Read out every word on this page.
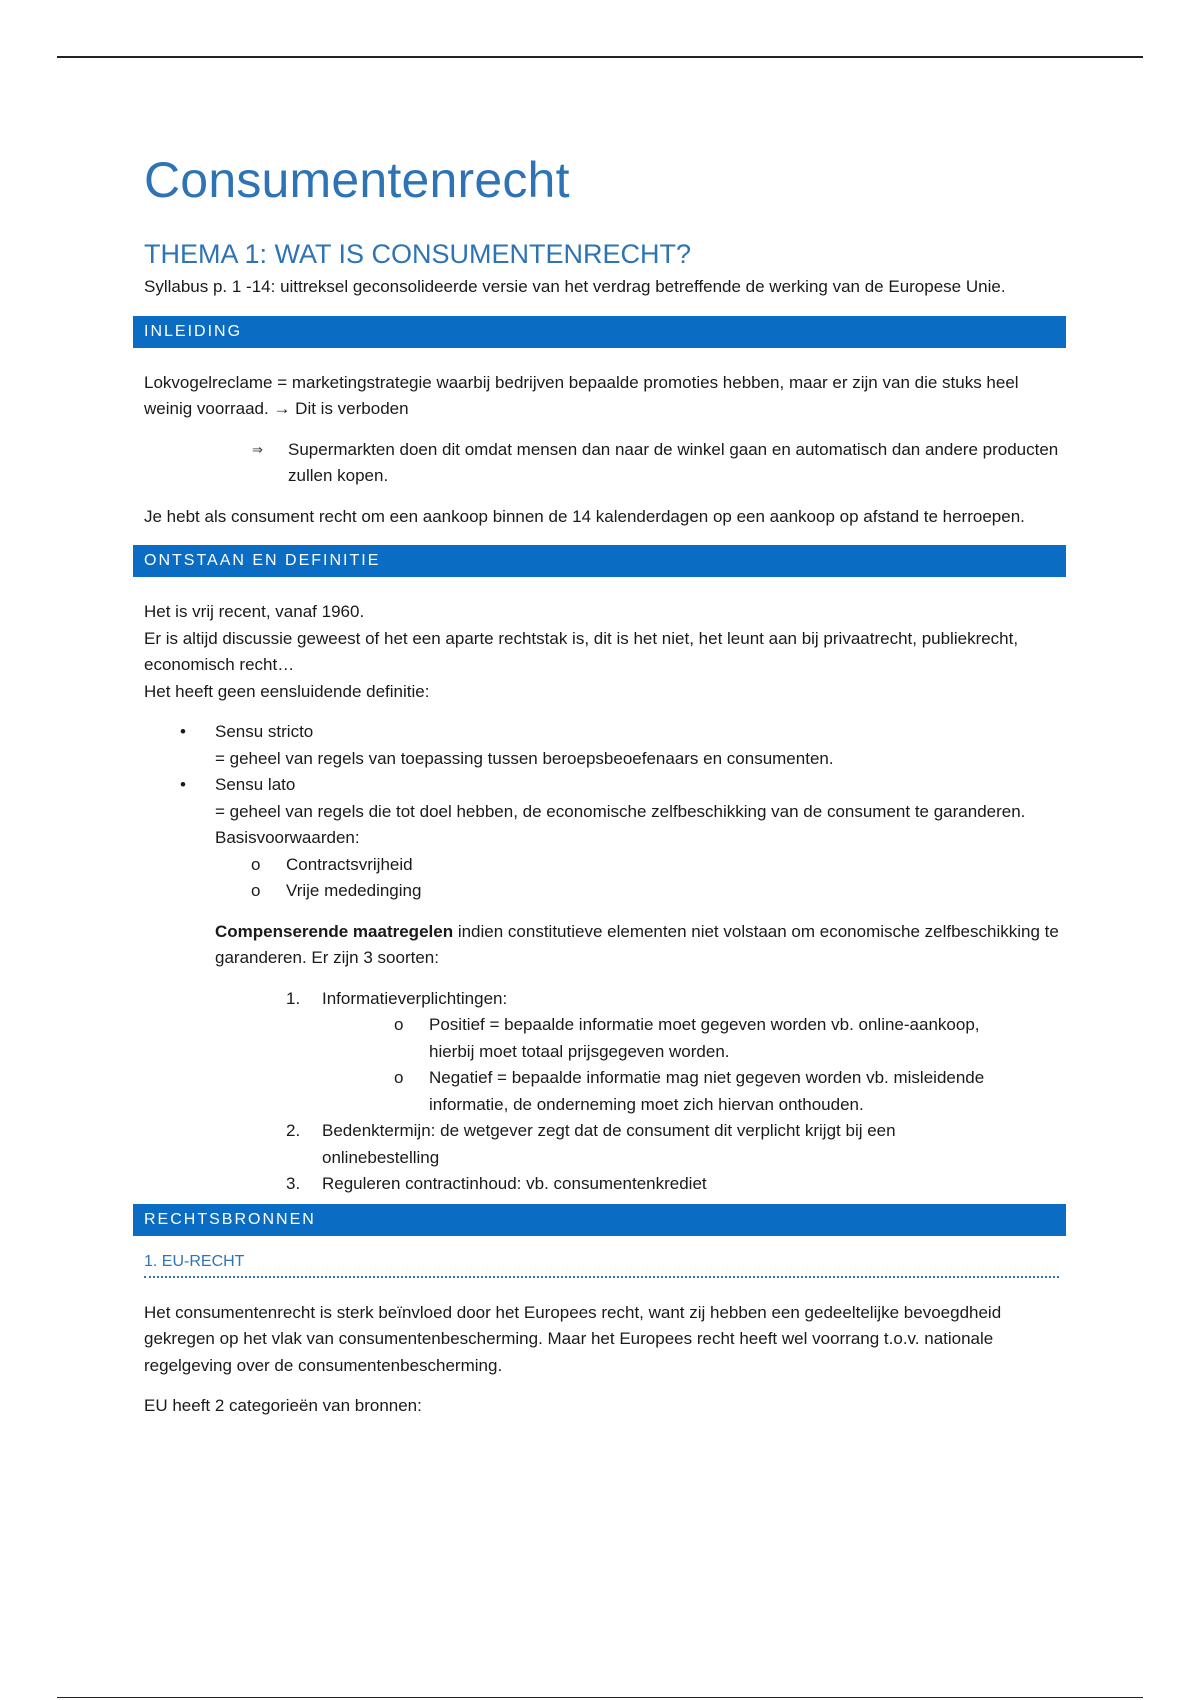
Consumentenrecht
THEMA 1: WAT IS CONSUMENTENRECHT?

Syllabus p. 1 -14: uittreksel geconsolideerde versie van het verdrag betreffende de werking van de Europese Unie.

INLEIDING

Lokvogelreclame = marketingstrategie waarbij bedrijven bepaalde promoties hebben, maar er zijn van die stuks heel weinig voorraad. → Dit is verboden

⇒ Supermarkten doen dit omdat mensen dan naar de winkel gaan en automatisch dan andere producten zullen kopen.

Je hebt als consument recht om een aankoop binnen de 14 kalenderdagen op een aankoop op afstand te herroepen.

ONTSTAAN EN DEFINITIE

Het is vrij recent, vanaf 1960.

Er is altijd discussie geweest of het een aparte rechtstak is, dit is het niet, het leunt aan bij privaatrecht, publiekrecht, economisch recht…

Het heeft geen eensluidende definitie:

• Sensu stricto
= geheel van regels van toepassing tussen beroepsbeoefenaars en consumenten.
• Sensu lato
= geheel van regels die tot doel hebben, de economische zelfbeschikking van de consument te garanderen.
Basisvoorwaarden:
o Contractsvrijheid
o Vrije mededinging

Compenserende maatregelen indien constitutieve elementen niet volstaan om economische zelfbeschikking te garanderen. Er zijn 3 soorten:

1. Informatieverplichtingen:
o Positief = bepaalde informatie moet gegeven worden vb. online-aankoop, hierbij moet totaal prijsgegeven worden.
o Negatief = bepaalde informatie mag niet gegeven worden vb. misleidende informatie, de onderneming moet zich hiervan onthouden.
2. Bedenktermijn: de wetgever zegt dat de consument dit verplicht krijgt bij een onlinebestelling
3. Reguleren contractinhoud: vb. consumentenkrediet
RECHTSBRONNEN
1. EU-RECHT

Het consumentenrecht is sterk beïnvloed door het Europees recht, want zij hebben een gedeeltelijke bevoegdheid gekregen op het vlak van consumentenbescherming. Maar het Europees recht heeft wel voorrang t.o.v. nationale regelgeving over de consumentenbescherming.

EU heeft 2 categorieën van bronnen:
